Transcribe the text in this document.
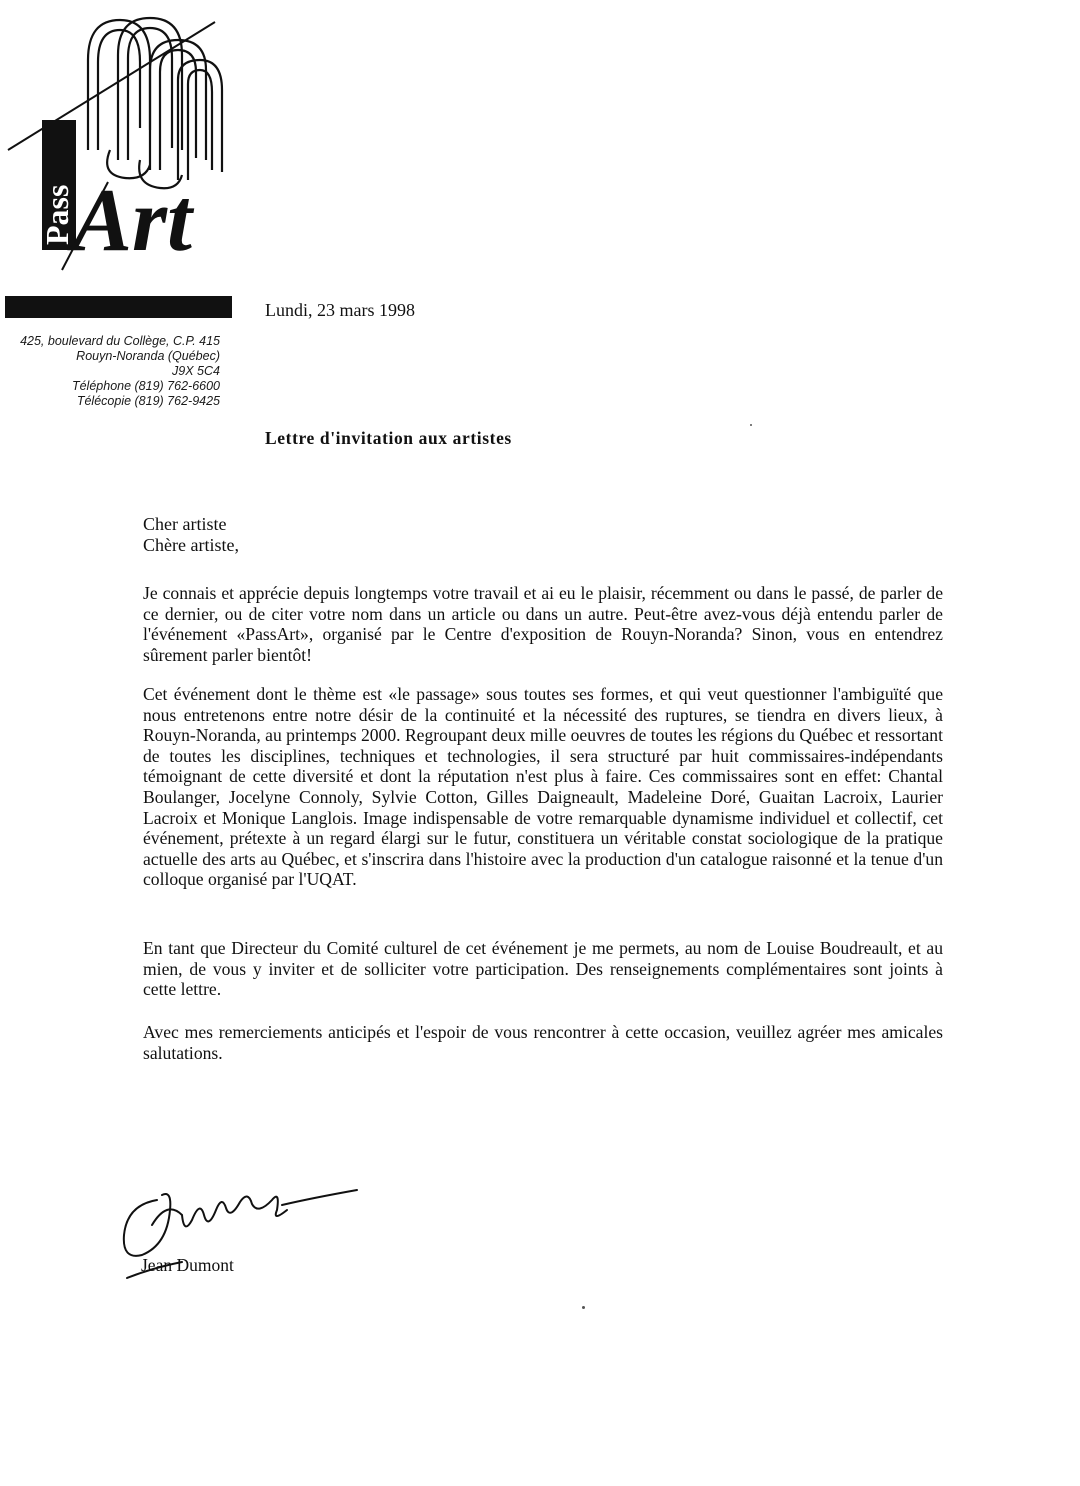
Pass
Art
425, boulevard du Collège, C.P. 415
Rouyn-Noranda (Québec)
J9X 5C4
Téléphone (819) 762-6600
Télécopie (819) 762-9425
Lundi, 23 mars 1998
Lettre d'invitation aux artistes
Cher artiste
Chère artiste,

Je connais et apprécie depuis longtemps votre travail et ai eu le plaisir, récemment ou dans le passé, de parler de ce dernier, ou de citer votre nom dans un article ou dans un autre. Peut-être avez-vous déjà entendu parler de l'événement «PassArt», organisé par le Centre d'exposition de Rouyn-Noranda? Sinon, vous en entendrez sûrement parler bientôt!

Cet événement dont le thème est «le passage» sous toutes ses formes, et qui veut questionner l'ambiguïté que nous entretenons entre notre désir de la continuité et la nécessité des ruptures, se tiendra en divers lieux, à Rouyn-Noranda, au printemps 2000. Regroupant deux mille oeuvres de toutes les régions du Québec et ressortant de toutes les disciplines, techniques et technologies, il sera structuré par huit commissaires-indépendants témoignant de cette diversité et dont la réputation n'est plus à faire. Ces commissaires sont en effet: Chantal Boulanger, Jocelyne Connoly, Sylvie Cotton, Gilles Daigneault, Madeleine Doré, Guaitan Lacroix, Laurier Lacroix et Monique Langlois. Image indispensable de votre remarquable dynamisme individuel et collectif, cet événement, prétexte à un regard élargi sur le futur, constituera un véritable constat sociologique de la pratique actuelle des arts au Québec, et s'inscrira dans l'histoire avec la production d'un catalogue raisonné et la tenue d'un colloque organisé par l'UQAT.

En tant que Directeur du Comité culturel de cet événement je me permets, au nom de Louise Boudreault, et au mien, de vous y inviter et de solliciter votre participation. Des renseignements complémentaires sont joints à cette lettre.

Avec mes remerciements anticipés et l'espoir de vous rencontrer à cette occasion, veuillez agréer mes amicales salutations.

Jean Dumont
